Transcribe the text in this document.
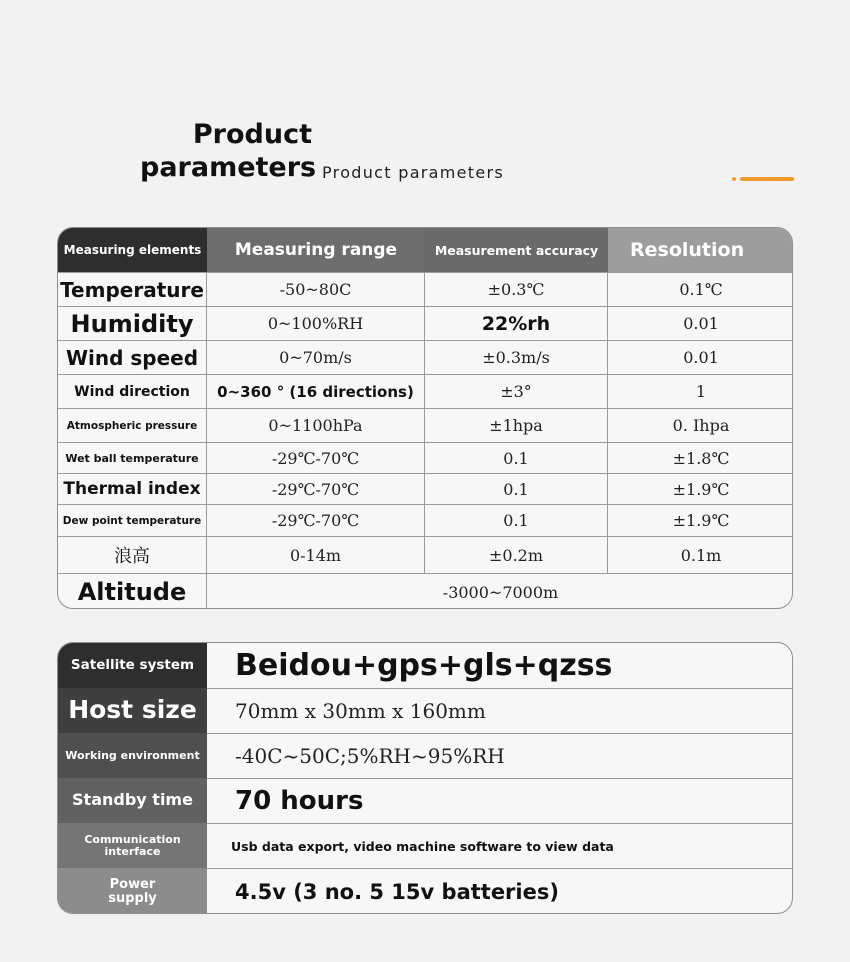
Product
parameters Product parameters
Measuring elements	Measuring range	Measurement accuracy	Resolution
Temperature	-50~80C	±0.3℃	0.1℃
Humidity	0~100%RH	22%rh	0.01
Wind speed	0~70m/s	±0.3m/s	0.01
Wind direction	0~360 ° (16 directions)	±3°	1
Atmospheric pressure	0~1100hPa	±1hpa	0. Ihpa
Wet ball temperature	-29℃-70℃	0.1	±1.8℃
Thermal index	-29℃-70℃	0.1	±1.9℃
Dew point temperature	-29℃-70℃	0.1	±1.9℃
浪高	0-14m	±0.2m	0.1m
Altitude	-3000~7000m
Satellite system	Beidou+gps+gls+qzss
Host size	70mm x 30mm x 160mm
Working environment	-40C~50C;5%RH~95%RH
Standby time	70 hours
Communication interface	Usb data export, video machine software to view data
Power supply	4.5v (3 no. 5 15v batteries)
